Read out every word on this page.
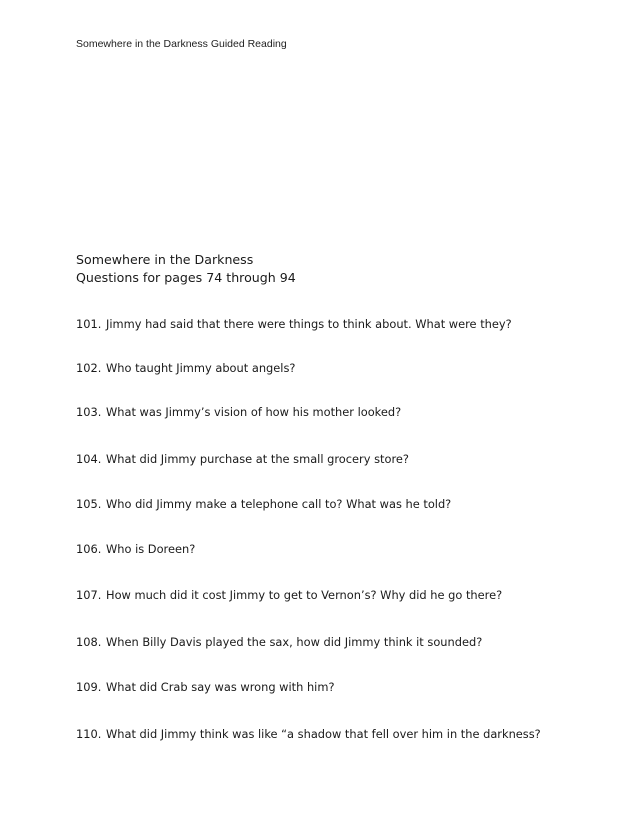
Somewhere in the Darkness Guided Reading
Somewhere in the Darkness
Questions for pages 74 through 94
101. Jimmy had said that there were things to think about. What were they?
102. Who taught Jimmy about angels?
103. What was Jimmy’s vision of how his mother looked?
104. What did Jimmy purchase at the small grocery store?
105. Who did Jimmy make a telephone call to? What was he told?
106. Who is Doreen?
107. How much did it cost Jimmy to get to Vernon’s? Why did he go there?
108. When Billy Davis played the sax, how did Jimmy think it sounded?
109. What did Crab say was wrong with him?
110. What did Jimmy think was like “a shadow that fell over him in the darkness?
